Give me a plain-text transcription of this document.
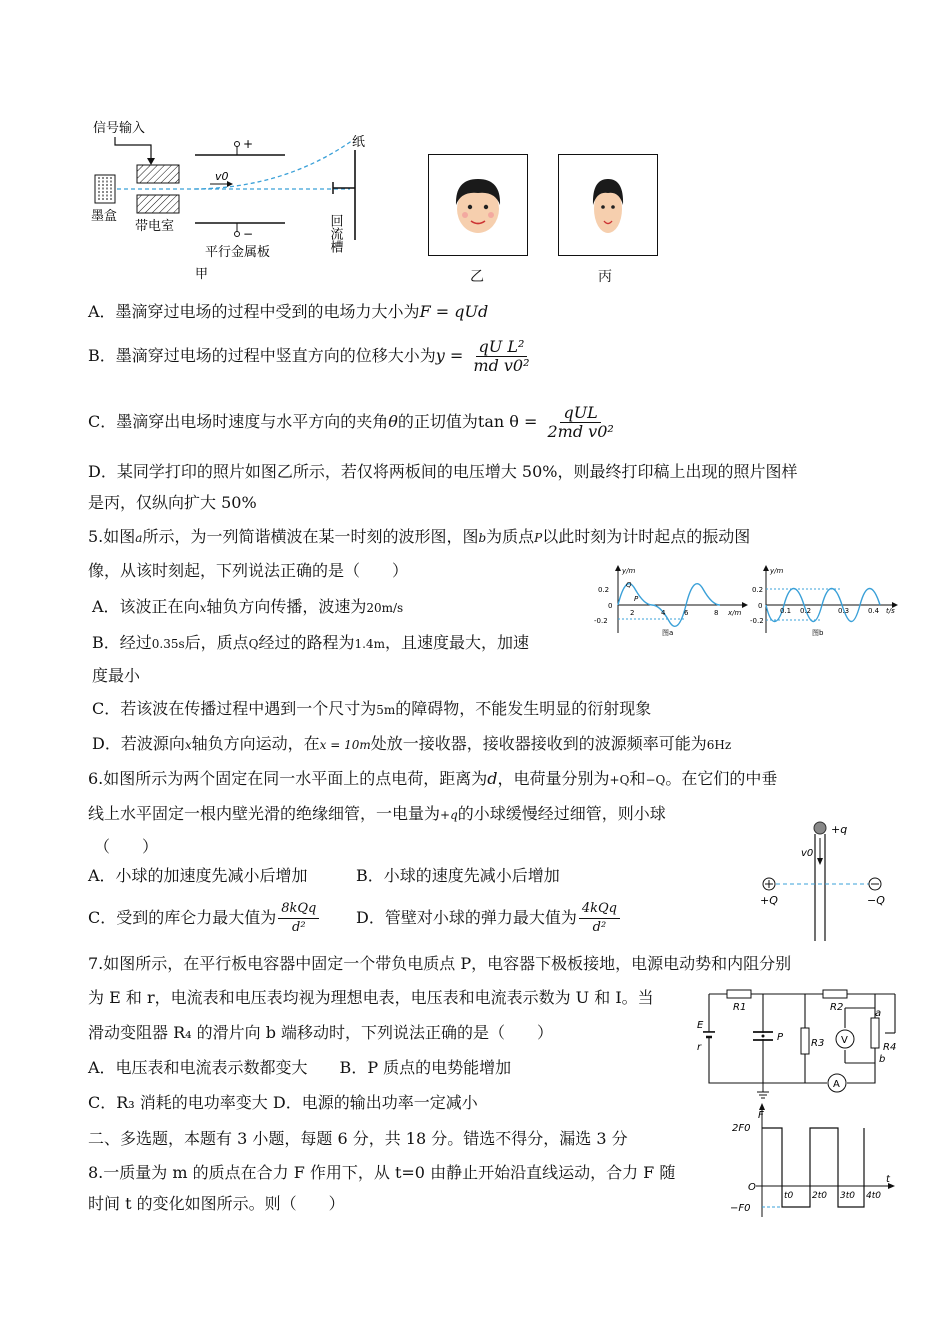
信号输入
墨盒
带电室
v0
+
−
平行金属板
纸
回流槽
甲	乙	丙
A．墨滴穿过电场的过程中受到的电场力大小为F = qUd
B．墨滴穿过电场的过程中竖直方向的位移大小为$y = \frac{\text{qU L²}}{\text{md v0²}}$
C．墨滴穿出电场时速度与水平方向的夹角θ的正切值为$\tan \theta = \frac{\text{qUL}}{\text{2md v0²}}$
D．某同学打印的照片如图乙所示，若仅将两板间的电压增大 50%，则最终打印稿上出现的照片图样
是丙，仅纵向扩大 50%
5.如图a所示，为一列简谐横波在某一时刻的波形图，图b为质点P以此时刻为计时起点的振动图
像，从该时刻起，下列说法正确的是（　　）
A．该波正在向x轴负方向传播，波速为20m/s
B．经过0.35s后，质点Q经过的路程为1.4m，且速度最大，加速
度最小
C．若该波在传播过程中遇到一个尺寸为5m的障碍物，不能发生明显的衍射现象
D．若波源向x轴负方向运动，在x = 10m处放一接收器，接收器接收到的波源频率可能为6Hz
y/m
x/m
0.2
0
-0.2
Q
P
2	4	6	8
图a
y/m
t/s
0.2
0
-0.2
0.1 0.2	0.3	0.4
图b
6.如图所示为两个固定在同一水平面上的点电荷，距离为d，电荷量分别为+Q和−Q。在它们的中垂
线上水平固定一根内壁光滑的绝缘细管，一电量为+q的小球缓慢经过细管，则小球
（　　）
A．小球的加速度先减小后增加	B．小球的速度先减小后增加
C．受到的库仑力最大值为 $\frac{\text{8kQq}}{\text{d²}}$ D．管壁对小球的弹力最大值为 $\frac{\text{4kQq}}{\text{d²}}$
+q
v0
+Q	−Q
7.如图所示，在平行板电容器中固定一个带负电质点 P，电容器下极板接地，电源电动势和内阻分别
为 E 和 r，电流表和电压表均视为理想电表，电压表和电流表示数为 U 和 I。当
滑动变阻器 R₄ 的滑片向 b 端移动时，下列说法正确的是（　　）
A．电压表和电流表示数都变大　　B．P 质点的电势能增加
C．R₃ 消耗的电功率变大 D．电源的输出功率一定减小
R1	R2
R3	R4
a
b
E
r
P	V
A
二、多选题，本题有 3 小题，每题 6 分，共 18 分。错选不得分，漏选 3 分
8.一质量为 m 的质点在合力 F 作用下，从 t=0 由静止开始沿直线运动，合力 F 随
时间 t 的变化如图所示。则（　　）
F
t
O
2F0
−F0
t0 2t0 3t0 4t0
